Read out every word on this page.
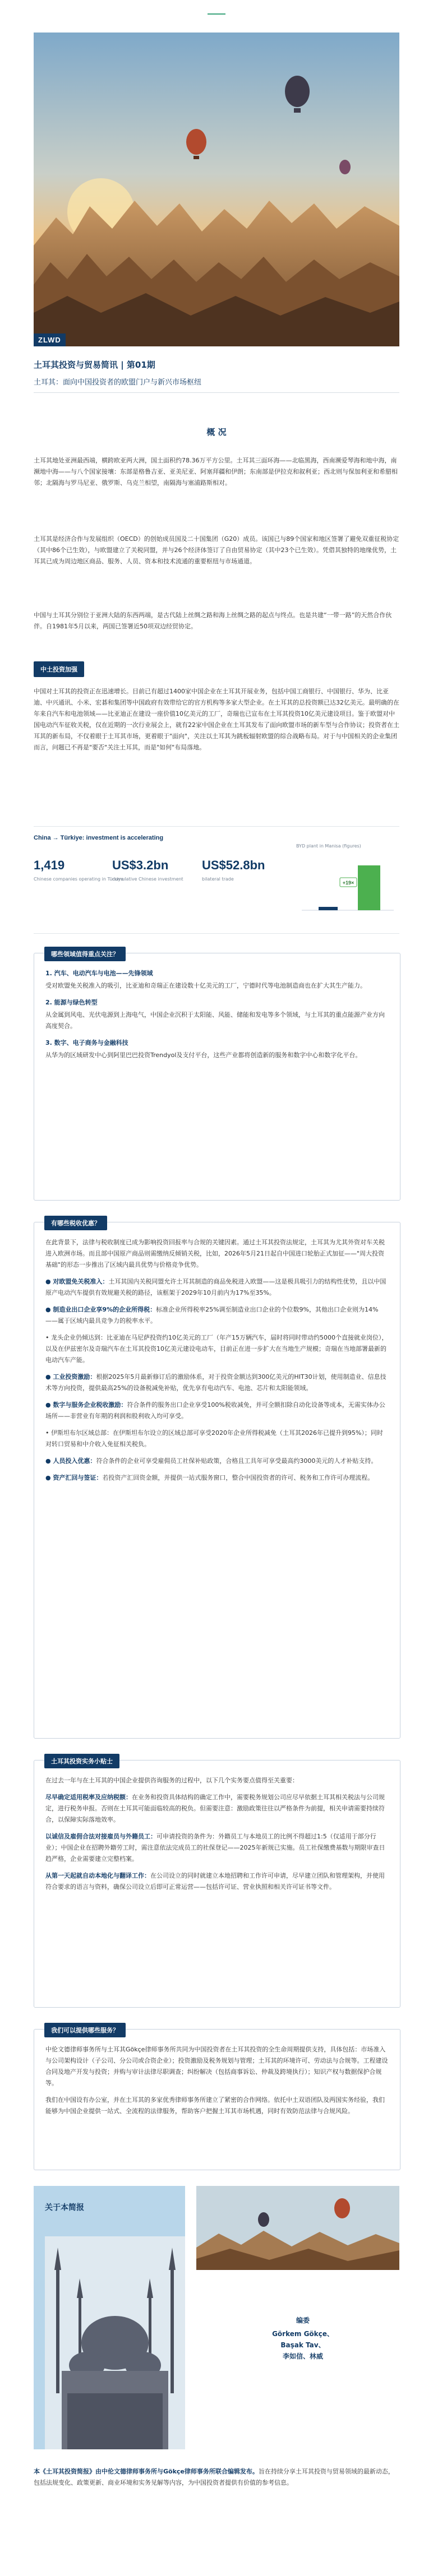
ZLWD

土耳其投资与贸易简讯 | 第01期

土耳其：面向中国投资者的欧盟门户与新兴市场枢纽

概 况

土耳其地处亚洲最西端，横跨欧亚两大洲，国土面积约78.36万平方公里。土耳其三面环海——北临黑海，西南濒爱琴海和地中海，南濒地中海——与八个国家接壤：东部是格鲁吉亚、亚美尼亚、阿塞拜疆和伊朗；东南部是伊拉克和叙利亚；西北则与保加利亚和希腊相邻；北隔海与罗马尼亚、俄罗斯、乌克兰相望，南隔海与塞浦路斯相对。

土耳其是经济合作与发展组织（OECD）的创始成员国及二十国集团（G20）成员。该国已与89个国家和地区签署了避免双重征税协定（其中86个已生效），与欧盟建立了关税同盟，并与26个经济体签订了自由贸易协定（其中23个已生效）。凭借其独特的地缘优势，土耳其已成为周边地区商品、服务、人员、资本和技术流通的重要枢纽与市场通道。

中国与土耳其分别位于亚洲大陆的东西两端，是古代陆上丝绸之路和海上丝绸之路的起点与终点。也是共建“一带一路”的天然合作伙伴。自1981年5月以来，两国已签署近50项双边经贸协定。

中土投资加强

中国对土耳其的投资正在迅速增长。目前已有超过1400家中国企业在土耳其开展业务，包括中国工商银行、中国银行、华为、比亚迪、中兴通讯、小米、宏碁和集团等中国政府有效带给它的官方机构等多家大型企业。在土耳其的总投资额已达32亿美元。最明确的在年来自汽车和电池领域——比亚迪正在建设一座价值10亿美元的工厂，奇瑞也已宣布在土耳其投资10亿美元建设项目。鉴于欧盟对中国电动汽车征收关税，仅在近期的一次行业展会上，就有22家中国企业在土耳其发布了面向欧盟市场的新车型与合作协议；投资者在土耳其的新布局，不仅着眼于土耳其市场，更着眼于"面向"，关注以土耳其为跳板辐射欧盟的综合战略布局。对于与中国相关的企业集团而言，问题已不再是"要否"关注土耳其，而是"如何"布局落地。

China → Türkiye: investment is accelerating
1,419
Chinese companies operating in Türkiye
US$3.2bn
cumulative Chinese investment
US$52.8bn
bilateral trade
BYD plant in Manisa (figures)
+19×
哪些领域值得重点关注？
1. 汽车、电动汽车与电池——先锋领域

受对欧盟免关税准入的吸引，比亚迪和奇瑞正在建设数十亿美元的工厂，宁德时代等电池制造商也在扩大其生产能力。

2. 能源与绿色转型

从金属到风电、光伏电源到上海电气，中国企业沉积于太阳能、风能、储能和发电等多个领域，与土耳其的重点能源产业方向高度契合。

3. 数字、电子商务与金融科技

从华为的区域研发中心到阿里巴巴投资Trendyol及支付平台，这些产业都将创造新的服务和数字中心和数字化平台。

有哪些税收优惠？

在此背景下，法律与税收制度已成为影响投资回报率与合规的关键因素。通过土耳其投资法规定，土耳其为尤其外资对车关税进入欧洲市场。而且部中国原产商品则需缴纳反倾销关税，比如，2026年5月21日起自中国进口轮胎正式加征——"周大投资基础"的形态一步推出了区域内最具优势与价格竞争优势。

● 对欧盟免关税准入：土耳其国内关税同盟允许土耳其制造的商品免税进入欧盟——这是极具吸引力的结构性优势，且以中国原产电动汽车提供有效规避关税的路径，该框架于2029年10月前内为17%至35%。

● 制造业出口企业享9%的企业所得税：标准企业所得税率25%调至制造业出口企业的个位数9%，其他出口企业则为14%——属于区域内最具竞争力的税率水平。

• 龙头企业仍倾达到：比亚迪在马尼萨投资约10亿美元的工厂（年产15万辆汽车，届时将同时带动约5000个直接就业岗位），以及在伊兹密尔及奇瑞汽车在土耳其投资10亿美元建设电动车，目前正在进一步扩大在当地生产规模；奇瑞在当地部署最新的电动汽车产能。

● 工业投资激励：根据2025年5月最新修订后的激励体系，对于投资金额达到300亿美元的HIT30计划，使用制造业、信息技术等方向投资，提供最高25%的设备税减免补贴，优先享有电动汽车、电池、芯片和太阳能领域。

● 数字与服务企业税收激励：符合条件的服务出口企业享受100%税收减免，并可全额扣除自动化设备等成本，无需实体办公场所——非营业有年期的利润和股利收入均可享受。

• 伊斯坦布尔区域总部：在伊斯坦布尔设立的区域总部可享受2020年企业所得税减免（土耳其2026年已提升到95%）；同时对转口贸易和中介收入免征相关税负。

● 人员投入优惠：符合条件的企业可享受雇佣员工社保补贴政策，合格且工具年可享受最高约3000美元的人才补贴支持。

● 资产汇回与签证：若投资产汇回资金额，并提供一站式服务窗口，整合中国投资者的许可、税务和工作许可办理流程。

土耳其投资实务小贴士

在过去一年与在土耳其的中国企业提供咨询服务的过程中，以下几个实务要点值得至关重要：

尽早确定适用税率及应纳税额：在业务和投资具体结构的确定工作中，需要税务规划公司应尽早依据土耳其相关税法与公司规定，进行税务申报。否则在土耳其可能面临较高的税负。但需要注意：激励政策往往以严格条件为前提，相关申请需要持续符合，以保障实际落地效率。

以诚信及雇佣合法对接雇员与外籍员工：可申请投资的条件为：外籍员工与本地员工的比例不得超过1:5（仅适用于部分行业）；中国企业在招聘外籍劳工时，需注意依法完成员工的社保登记——2025年新规已实施。员工社保缴费基数与期限审查日趋严格，企业需要建立完整档案。

从第一天起就自动本地化与翻译工作：在公司设立的同时就建立本地招聘和工作许可申请，尽早建立团队和管理架构，并使用符合要求的语言与资料，确保公司设立后即可正常运营——包括许可证、营业执照和相关许可证书等文件。

我们可以提供哪些服务？

中伦文德律师事务所与土耳其Gökçe律师事务所共同为中国投资者在土耳其投资的全生命周期提供支持，具体包括：市场准入与公司架构设计（子公司、分公司或合资企业）；投资激励及税务规划与管理；土耳其的环境许可、劳动法与合规等。工程建设合同及地产开发与投资；并购与审计法律尽职调查；纠纷解决（包括商事诉讼、仲裁及跨境执行）；知识产权与数据保护合规等。

我们在中国设有办公室，并在土耳其的多家优秀律师事务所建立了紧密的合作网络。依托中土双语团队及两国实务经验，我们能够为中国企业提供一站式、全流程的法律服务，帮助客户把握土耳其市场机遇，同时有效防范法律与合规风险。

关于本简报
编委
Görkem Gökçe、
Başak Tav、
李如信、林威
本《土耳其投资简报》由中伦文德律师事务所与Gökçe律师事务所联合编辑发布。旨在持续分享土耳其投资与贸易领域的最新动态，包括法规变化、政策更新、商业环境和实务见解等内容，为中国投资者提供有价值的参考信息。
